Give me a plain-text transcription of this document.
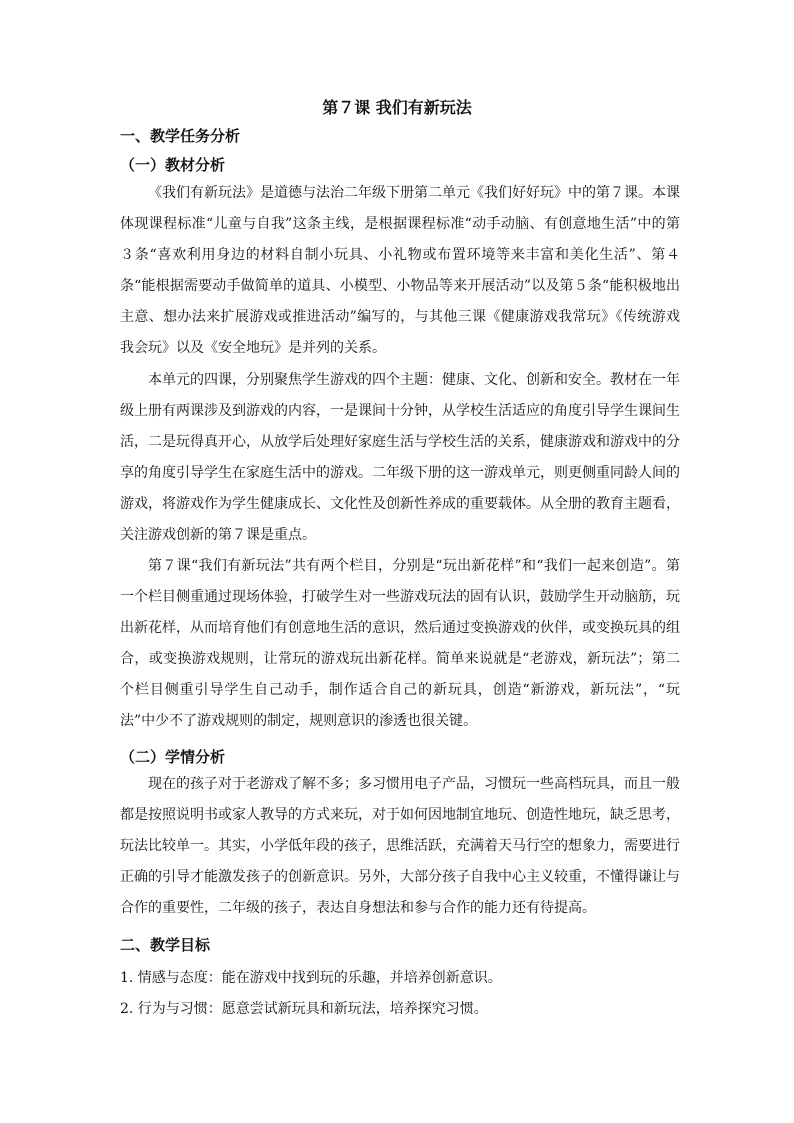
第７课 我们有新玩法
一、教学任务分析
（一）教材分析
《我们有新玩法》是道德与法治二年级下册第二单元《我们好好玩》中的第７课。本课体现课程标准“儿童与自我”这条主线，是根据课程标准“动手动脑、有创意地生活”中的第３条“喜欢利用身边的材料自制小玩具、小礼物或布置环境等来丰富和美化生活”、第４条“能根据需要动手做简单的道具、小模型、小物品等来开展活动”以及第５条“能积极地出主意、想办法来扩展游戏或推进活动”编写的，与其他三课《健康游戏我常玩》《传统游戏我会玩》以及《安全地玩》是并列的关系。
本单元的四课，分别聚焦学生游戏的四个主题：健康、文化、创新和安全。教材在一年级上册有两课涉及到游戏的内容，一是课间十分钟，从学校生活适应的角度引导学生课间生活，二是玩得真开心，从放学后处理好家庭生活与学校生活的关系，健康游戏和游戏中的分享的角度引导学生在家庭生活中的游戏。二年级下册的这一游戏单元，则更侧重同龄人间的游戏，将游戏作为学生健康成长、文化性及创新性养成的重要载体。从全册的教育主题看，关注游戏创新的第７课是重点。
第７课“我们有新玩法”共有两个栏目，分别是“玩出新花样”和“我们一起来创造”。第一个栏目侧重通过现场体验，打破学生对一些游戏玩法的固有认识，鼓励学生开动脑筋，玩出新花样，从而培育他们有创意地生活的意识，然后通过变换游戏的伙伴，或变换玩具的组合，或变换游戏规则，让常玩的游戏玩出新花样。简单来说就是“老游戏，新玩法”；第二个栏目侧重引导学生自己动手，制作适合自己的新玩具，创造“新游戏，新玩法”，“玩法”中少不了游戏规则的制定，规则意识的渗透也很关键。
（二）学情分析
现在的孩子对于老游戏了解不多；多习惯用电子产品，习惯玩一些高档玩具，而且一般都是按照说明书或家人教导的方式来玩，对于如何因地制宜地玩、创造性地玩，缺乏思考，玩法比较单一。其实，小学低年段的孩子，思维活跃，充满着天马行空的想象力，需要进行正确的引导才能激发孩子的创新意识。另外，大部分孩子自我中心主义较重，不懂得谦让与合作的重要性，二年级的孩子，表达自身想法和参与合作的能力还有待提高。
二、教学目标
1. 情感与态度：能在游戏中找到玩的乐趣，并培养创新意识。
2. 行为与习惯：愿意尝试新玩具和新玩法，培养探究习惯。
